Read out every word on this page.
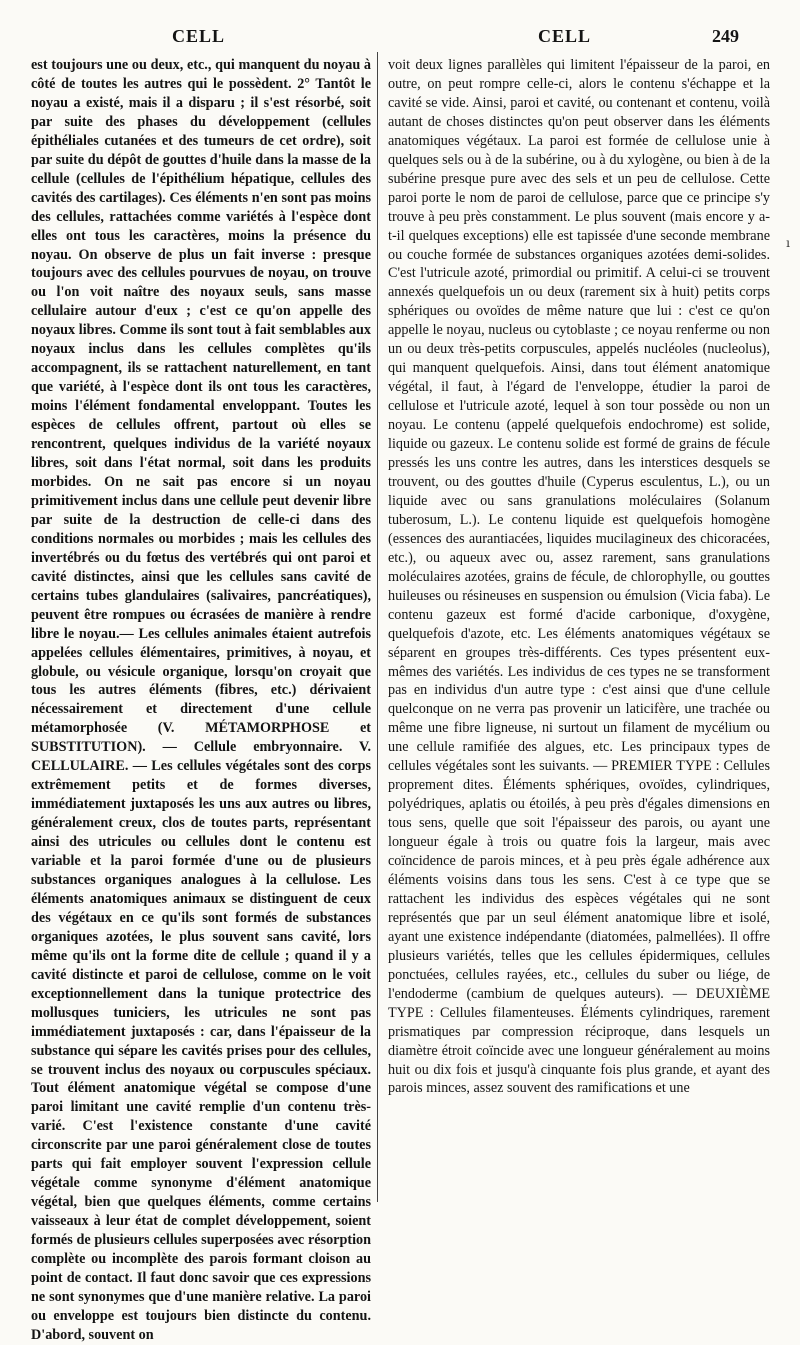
CELL	CELL	249

est toujours une ou deux, etc., qui manquent du noyau à côté de toutes les autres qui le possèdent. 2° Tantôt le noyau a existé, mais il a disparu ; il s'est résorbé, soit par suite des phases du développement (cellules épithéliales cutanées et des tumeurs de cet ordre), soit par suite du dépôt de gouttes d'huile dans la masse de la cellule (cellules de l'épithélium hépatique, cellules des cavités des cartilages). Ces éléments n'en sont pas moins des cellules, rattachées comme variétés à l'espèce dont elles ont tous les caractères, moins la présence du noyau. On observe de plus un fait inverse : presque toujours avec des cellules pourvues de noyau, on trouve ou l'on voit naître des noyaux seuls, sans masse cellulaire autour d'eux ; c'est ce qu'on appelle des noyaux libres. Comme ils sont tout à fait semblables aux noyaux inclus dans les cellules complètes qu'ils accompagnent, ils se rattachent naturellement, en tant que variété, à l'espèce dont ils ont tous les caractères, moins l'élément fondamental enveloppant. Toutes les espèces de cellules offrent, partout où elles se rencontrent, quelques individus de la variété noyaux libres, soit dans l'état normal, soit dans les produits morbides. On ne sait pas encore si un noyau primitivement inclus dans une cellule peut devenir libre par suite de la destruction de celle-ci dans des conditions normales ou morbides ; mais les cellules des invertébrés ou du fœtus des vertébrés qui ont paroi et cavité distinctes, ainsi que les cellules sans cavité de certains tubes glandulaires (salivaires, pancréatiques), peuvent être rompues ou écrasées de manière à rendre libre le noyau.— Les cellules animales étaient autrefois appelées cellules élémentaires, primitives, à noyau, et globule, ou vésicule organique, lorsqu'on croyait que tous les autres éléments (fibres, etc.) dérivaient nécessairement et directement d'une cellule métamorphosée (V. MÉTAMORPHOSE et SUBSTITUTION). — Cellule embryonnaire. V. CELLULAIRE. — Les cellules végétales sont des corps extrêmement petits et de formes diverses, immédiatement juxtaposés les uns aux autres ou libres, généralement creux, clos de toutes parts, représentant ainsi des utricules ou cellules dont le contenu est variable et la paroi formée d'une ou de plusieurs substances organiques analogues à la cellulose. Les éléments anatomiques animaux se distinguent de ceux des végétaux en ce qu'ils sont formés de substances organiques azotées, le plus souvent sans cavité, lors même qu'ils ont la forme dite de cellule ; quand il y a cavité distincte et paroi de cellulose, comme on le voit exceptionnellement dans la tunique protectrice des mollusques tuniciers, les utricules ne sont pas immédiatement juxtaposés : car, dans l'épaisseur de la substance qui sépare les cavités prises pour des cellules, se trouvent inclus des noyaux ou corpuscules spéciaux. Tout élément anatomique végétal se compose d'une paroi limitant une cavité remplie d'un contenu très-varié. C'est l'existence constante d'une cavité circonscrite par une paroi généralement close de toutes parts qui fait employer souvent l'expression cellule végétale comme synonyme d'élément anatomique végétal, bien que quelques éléments, comme certains vaisseaux à leur état de complet développement, soient formés de plusieurs cellules superposées avec résorption complète ou incomplète des parois formant cloison au point de contact. Il faut donc savoir que ces expressions ne sont synonymes que d'une manière relative. La paroi ou enveloppe est toujours bien distincte du contenu. D'abord, souvent on

voit deux lignes parallèles qui limitent l'épaisseur de la paroi, en outre, on peut rompre celle-ci, alors le contenu s'échappe et la cavité se vide. Ainsi, paroi et cavité, ou contenant et contenu, voilà autant de choses distinctes qu'on peut observer dans les éléments anatomiques végétaux. La paroi est formée de cellulose unie à quelques sels ou à de la subérine, ou à du xylogène, ou bien à de la subérine presque pure avec des sels et un peu de cellulose. Cette paroi porte le nom de paroi de cellulose, parce que ce principe s'y trouve à peu près constamment. Le plus souvent (mais encore y a-t-il quelques exceptions) elle est tapissée d'une seconde membrane ou couche formée de substances organiques azotées demi-solides. C'est l'utricule azoté, primordial ou primitif. A celui-ci se trouvent annexés quelquefois un ou deux (rarement six à huit) petits corps sphériques ou ovoïdes de même nature que lui : c'est ce qu'on appelle le noyau, nucleus ou cytoblaste ; ce noyau renferme ou non un ou deux très-petits corpuscules, appelés nucléoles (nucleolus), qui manquent quelquefois. Ainsi, dans tout élément anatomique végétal, il faut, à l'égard de l'enveloppe, étudier la paroi de cellulose et l'utricule azoté, lequel à son tour possède ou non un noyau. Le contenu (appelé quelquefois endochrome) est solide, liquide ou gazeux. Le contenu solide est formé de grains de fécule pressés les uns contre les autres, dans les interstices desquels se trouvent, ou des gouttes d'huile (Cyperus esculentus, L.), ou un liquide avec ou sans granulations moléculaires (Solanum tuberosum, L.). Le contenu liquide est quelquefois homogène (essences des aurantiacées, liquides mucilagineux des chicoracées, etc.), ou aqueux avec ou, assez rarement, sans granulations moléculaires azotées, grains de fécule, de chlorophylle, ou gouttes huileuses ou résineuses en suspension ou émulsion (Vicia faba). Le contenu gazeux est formé d'acide carbonique, d'oxygène, quelquefois d'azote, etc. Les éléments anatomiques végétaux se séparent en groupes très-différents. Ces types présentent eux-mêmes des variétés. Les individus de ces types ne se transforment pas en individus d'un autre type : c'est ainsi que d'une cellule quelconque on ne verra pas provenir un laticifère, une trachée ou même une fibre ligneuse, ni surtout un filament de mycélium ou une cellule ramifiée des algues, etc. Les principaux types de cellules végétales sont les suivants. — PREMIER TYPE : Cellules proprement dites. Éléments sphériques, ovoïdes, cylindriques, polyédriques, aplatis ou étoilés, à peu près d'égales dimensions en tous sens, quelle que soit l'épaisseur des parois, ou ayant une longueur égale à trois ou quatre fois la largeur, mais avec coïncidence de parois minces, et à peu près égale adhérence aux éléments voisins dans tous les sens. C'est à ce type que se rattachent les individus des espèces végétales qui ne sont représentés que par un seul élément anatomique libre et isolé, ayant une existence indépendante (diatomées, palmellées). Il offre plusieurs variétés, telles que les cellules épidermiques, cellules ponctuées, cellules rayées, etc., cellules du suber ou liége, de l'endoderme (cambium de quelques auteurs). — DEUXIÈME TYPE : Cellules filamenteuses. Éléments cylindriques, rarement prismatiques par compression réciproque, dans lesquels un diamètre étroit coïncide avec une longueur généralement au moins huit ou dix fois et jusqu'à cinquante fois plus grande, et ayant des parois minces, assez souvent des ramifications et une

ı
